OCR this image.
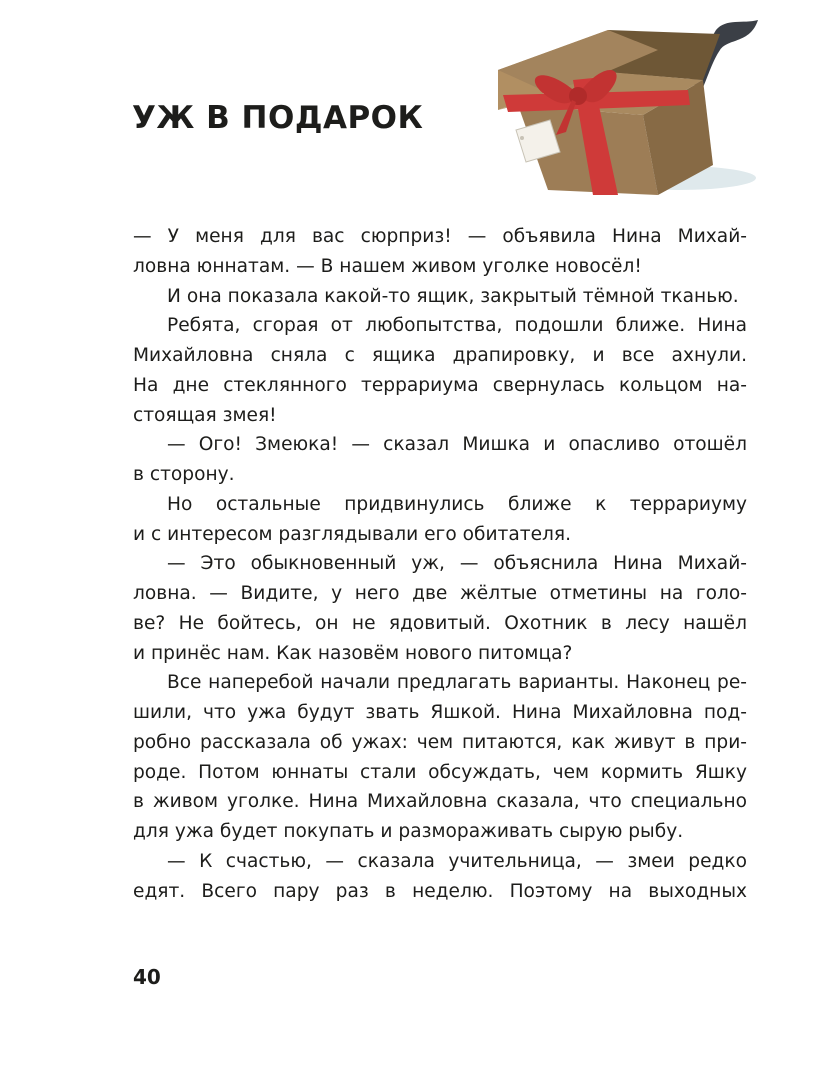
УЖ В ПОДАРОК
— У меня для вас сюрприз! — объявила Нина Михай-
ловна юннатам. — В нашем живом уголке новосёл!
И она показала какой-то ящик, закрытый тёмной тканью.
Ребята, сгорая от любопытства, подошли ближе. Нина
Михайловна сняла с ящика драпировку, и все ахнули.
На дне стеклянного террариума свернулась кольцом на-
стоящая змея!
— Ого! Змеюка! — сказал Мишка и опасливо отошёл
в сторону.
Но остальные придвинулись ближе к террариуму
и с интересом разглядывали его обитателя.
— Это обыкновенный уж, — объяснила Нина Михай-
ловна. — Видите, у него две жёлтые отметины на голо-
ве? Не бойтесь, он не ядовитый. Охотник в лесу нашёл
и принёс нам. Как назовём нового питомца?
Все наперебой начали предлагать варианты. Наконец ре-
шили, что ужа будут звать Яшкой. Нина Михайловна под-
робно рассказала об ужах: чем питаются, как живут в при-
роде. Потом юннаты стали обсуждать, чем кормить Яшку
в живом уголке. Нина Михайловна сказала, что специально
для ужа будет покупать и размораживать сырую рыбу.
— К счастью, — сказала учительница, — змеи редко
едят. Всего пару раз в неделю. Поэтому на выходных
40
